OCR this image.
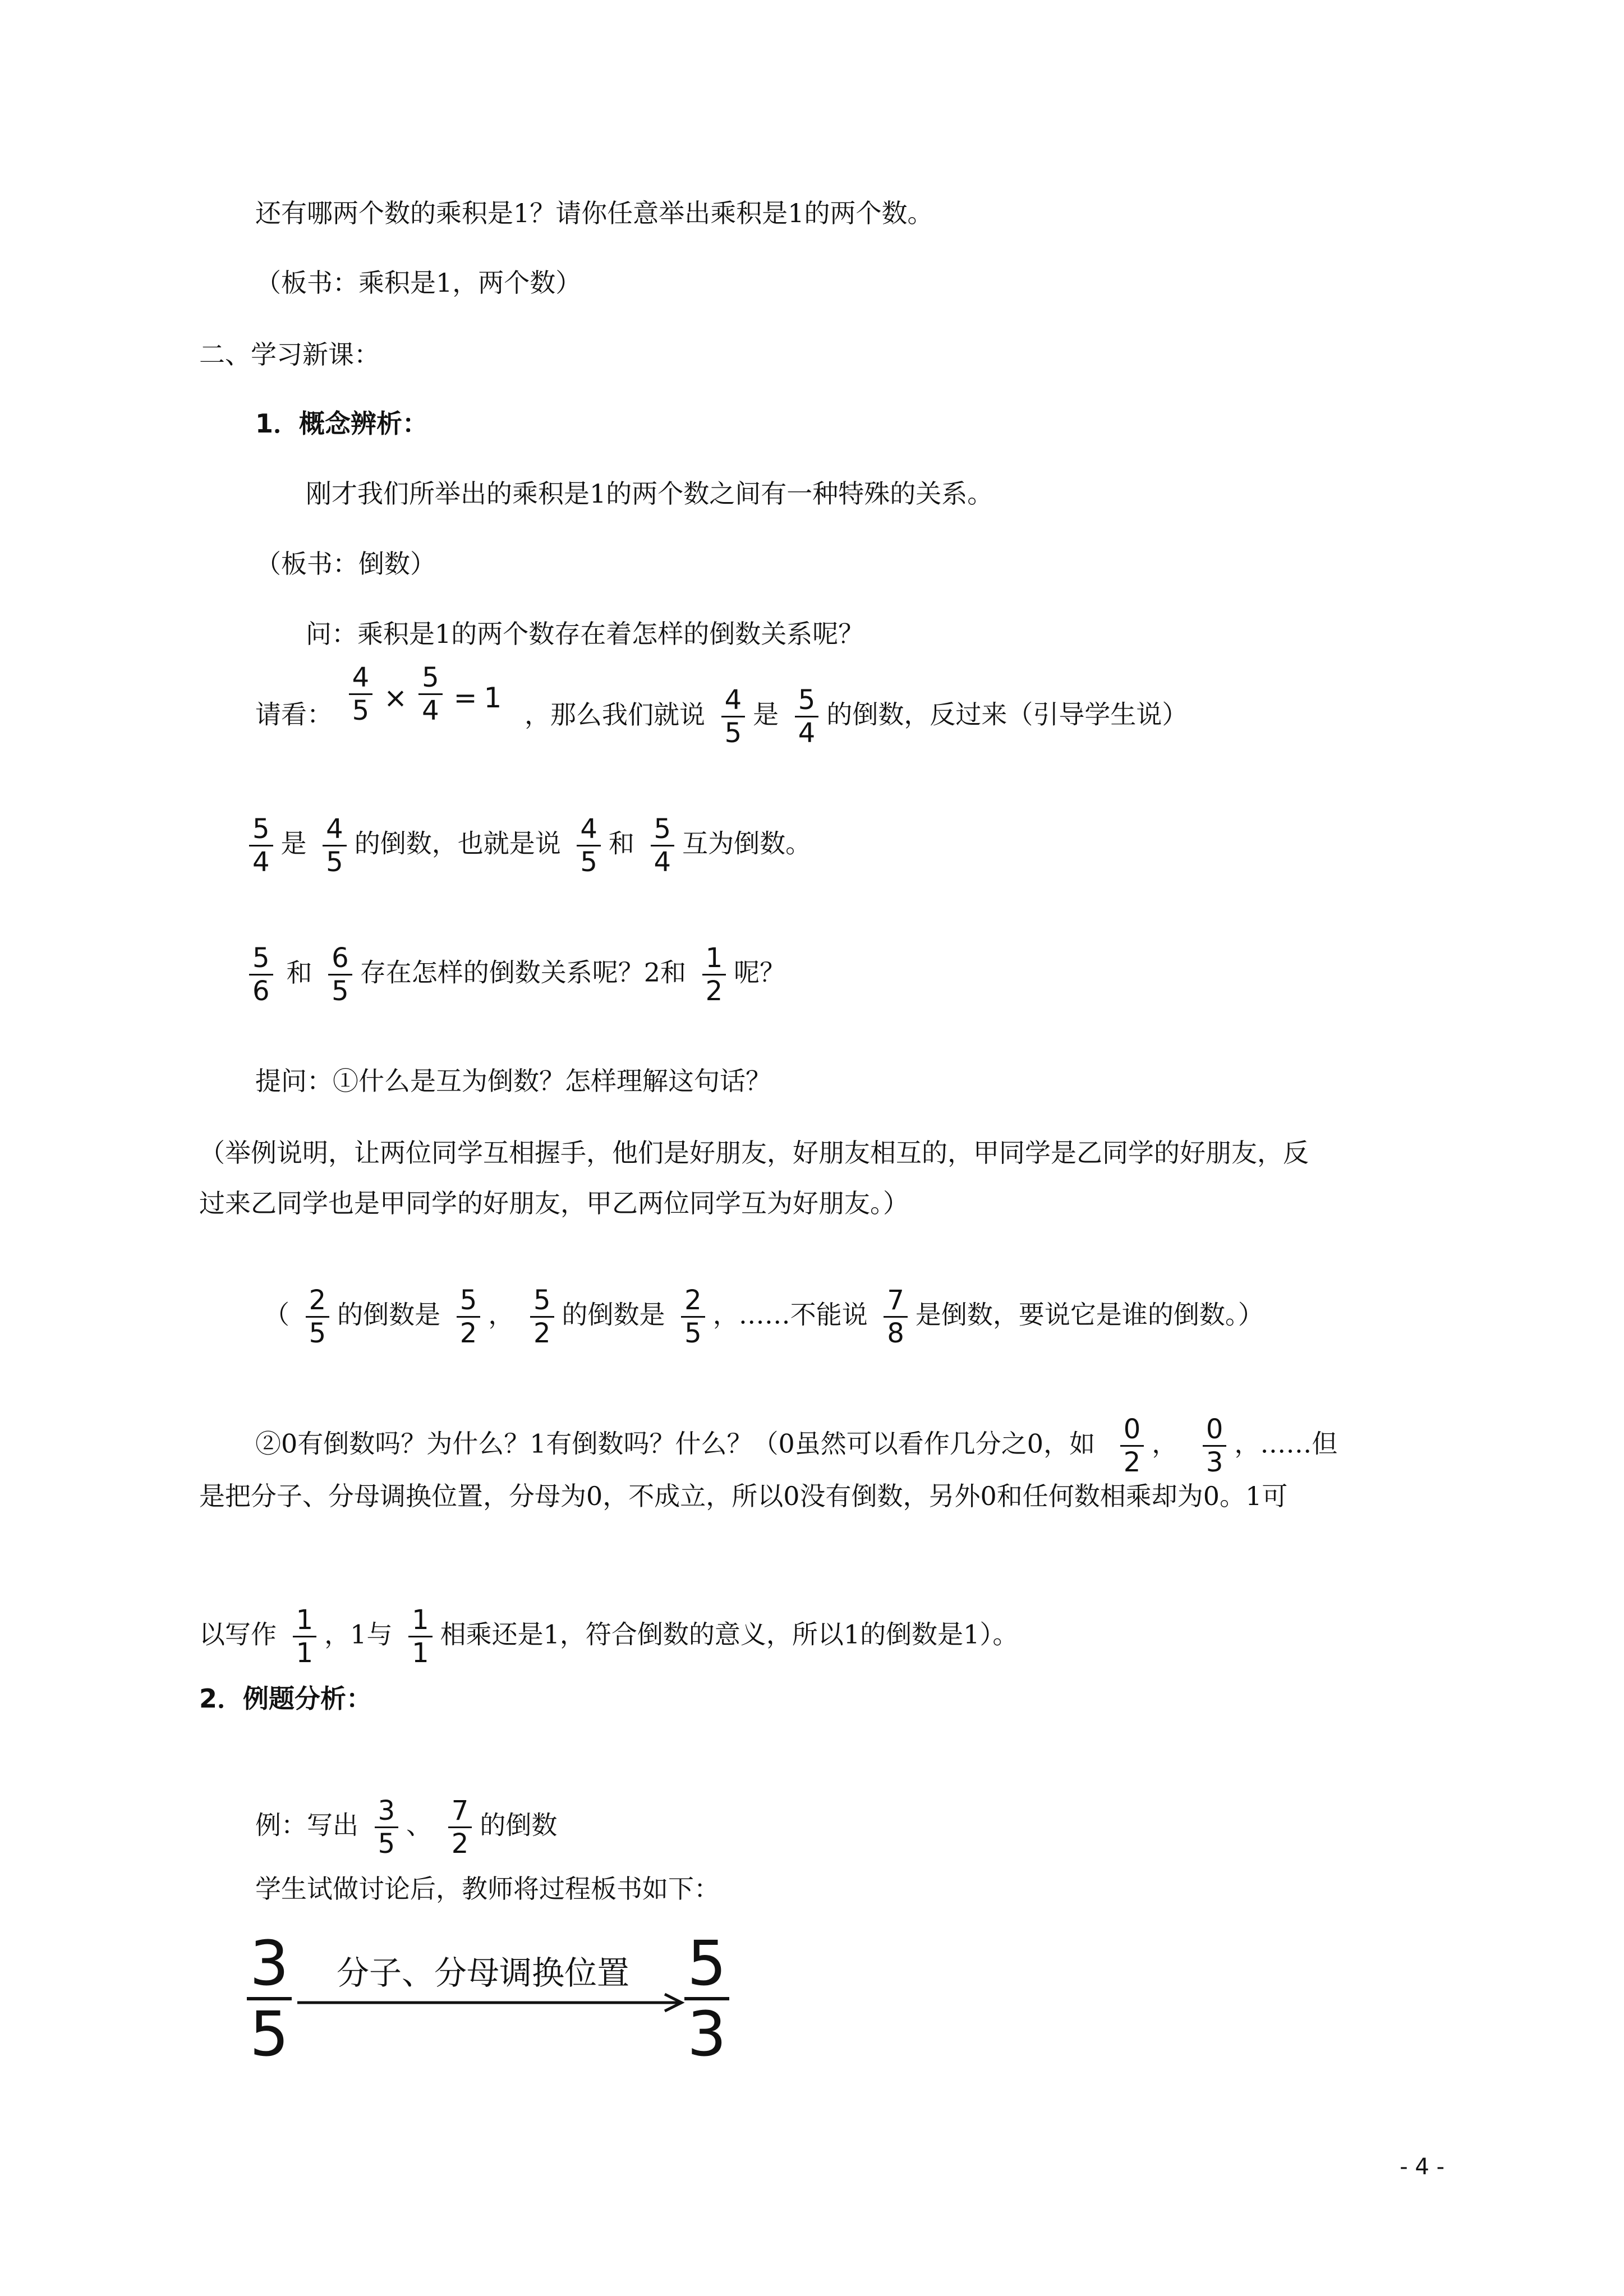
还有哪两个数的乘积是1？请你任意举出乘积是1的两个数。
（板书：乘积是1，两个数）
二、学习新课：
1．概念辨析：
刚才我们所举出的乘积是1的两个数之间有一种特殊的关系。
（板书：倒数）
问：乘积是1的两个数存在着怎样的倒数关系呢？
请看： $\frac{4}{5} \times \frac{5}{4} = 1$ ，那么我们就说 $\frac{4}{5}$ 是 $\frac{5}{4}$ 的倒数，反过来（引导学生说）
$\frac{5}{4}$ 是 $\frac{4}{5}$ 的倒数，也就是说 $\frac{4}{5}$ 和 $\frac{5}{4}$ 互为倒数。
$\frac{5}{6}$ 和 $\frac{6}{5}$ 存在怎样的倒数关系呢？2和 $\frac{1}{2}$ 呢？
提问：①什么是互为倒数？怎样理解这句话？
（举例说明，让两位同学互相握手，他们是好朋友，好朋友相互的，甲同学是乙同学的好朋友，反
过来乙同学也是甲同学的好朋友，甲乙两位同学互为好朋友。）
（ $\frac{2}{5}$ 的倒数是 $\frac{5}{2}$ ， $\frac{5}{2}$ 的倒数是 $\frac{2}{5}$ ，……不能说 $\frac{7}{8}$ 是倒数，要说它是谁的倒数。）
②0有倒数吗？为什么？1有倒数吗？什么？（0虽然可以看作几分之0，如 $\frac{0}{2}$ ， $\frac{0}{3}$ ，……但
是把分子、分母调换位置，分母为0，不成立，所以0没有倒数，另外0和任何数相乘却为0。1可
以写作 $\frac{1}{1}$ ，1与 $\frac{1}{1}$ 相乘还是1，符合倒数的意义，所以1的倒数是1）。
2．例题分析：
例：写出 $\frac{3}{5}$ 、 $\frac{7}{2}$ 的倒数
学生试做讨论后，教师将过程板书如下：
3
5
分子、分母调换位置 5
3
- 4 -
